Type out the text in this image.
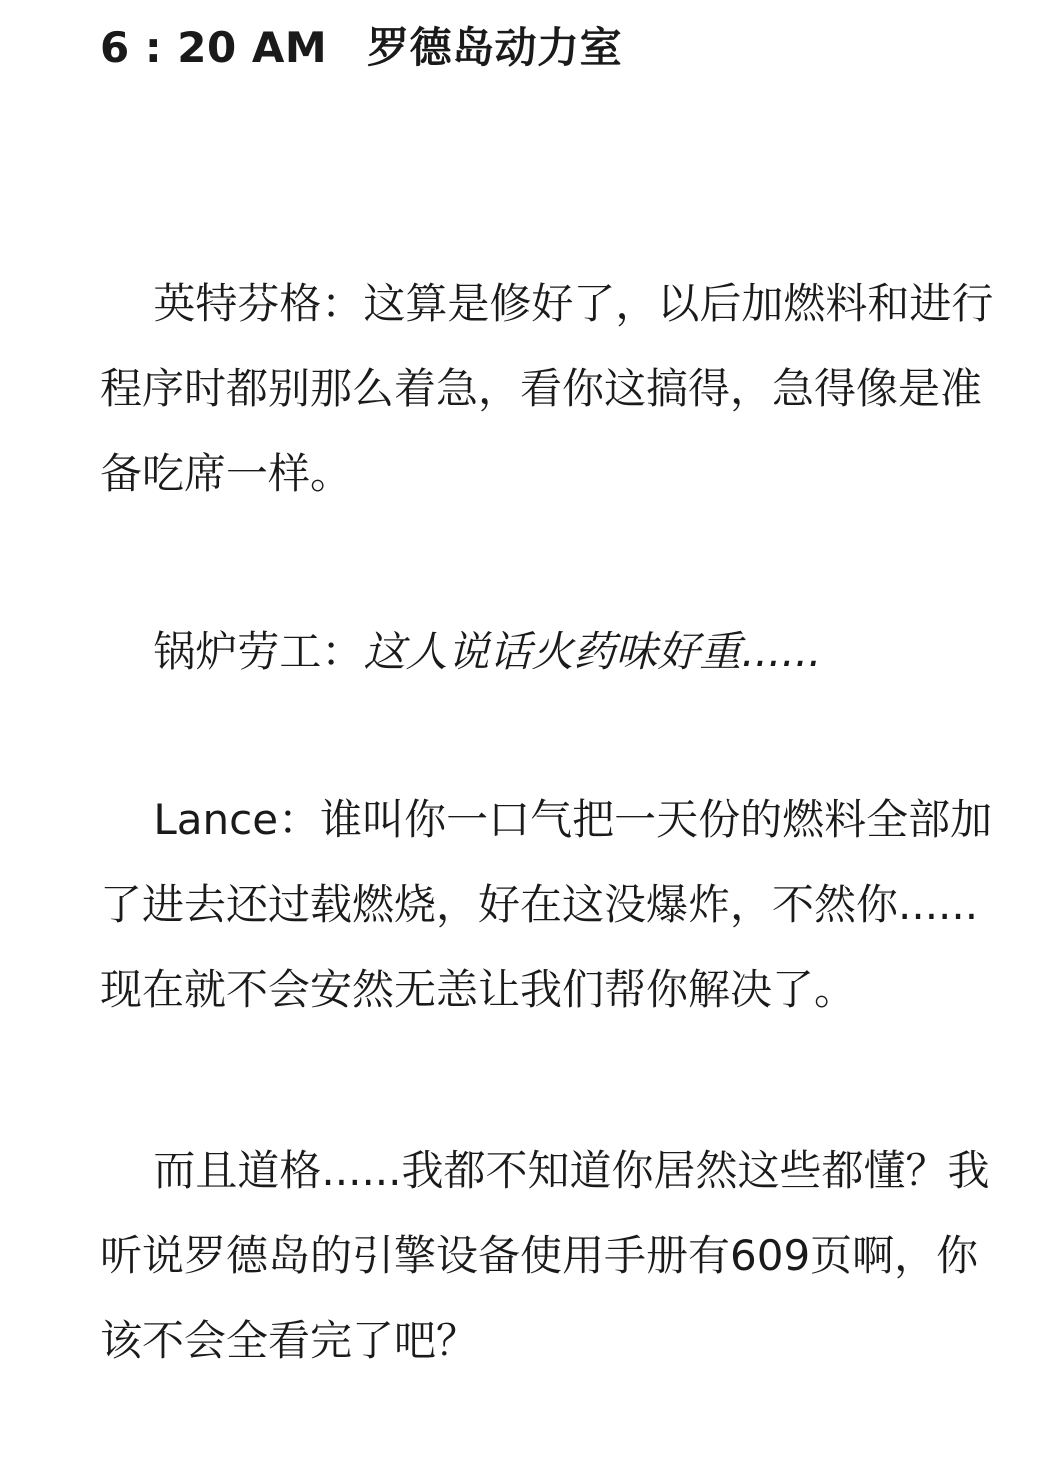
6 : 20 AM 罗德岛动力室

英特芬格：这算是修好了，以后加燃料和进行程序时都别那么着急，看你这搞得，急得像是准备吃席一样。

锅炉劳工：这人说话火药味好重......

Lance：谁叫你一口气把一天份的燃料全部加了进去还过载燃烧，好在这没爆炸，不然你......现在就不会安然无恙让我们帮你解决了。

而且道格......我都不知道你居然这些都懂？我听说罗德岛的引擎设备使用手册有609页啊，你该不会全看完了吧？
